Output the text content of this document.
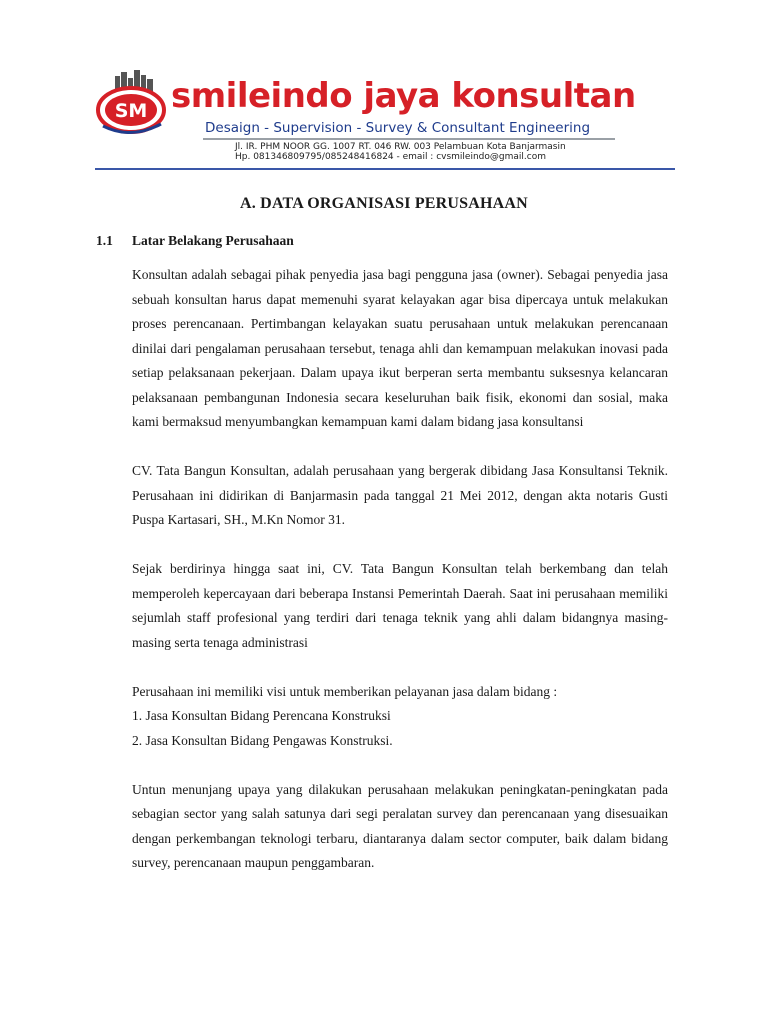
SM smileindo jaya konsultan
Desaign - Supervision - Survey & Consultant Engineering
Jl. IR. PHM NOOR GG. 1007 RT. 046 RW. 003 Pelambuan Kota Banjarmasin
Hp. 081346809795/085248416824 - email : cvsmileindo@gmail.com
A. DATA ORGANISASI PERUSAHAAN
1.1 Latar Belakang Perusahaan

Konsultan adalah sebagai pihak penyedia jasa bagi pengguna jasa (owner). Sebagai penyedia jasa sebuah konsultan harus dapat memenuhi syarat kelayakan agar bisa dipercaya untuk melakukan proses perencanaan. Pertimbangan kelayakan suatu perusahaan untuk melakukan perencanaan dinilai dari pengalaman perusahaan tersebut, tenaga ahli dan kemampuan melakukan inovasi pada setiap pelaksanaan pekerjaan. Dalam upaya ikut berperan serta membantu suksesnya kelancaran pelaksanaan pembangunan Indonesia secara keseluruhan baik fisik, ekonomi dan sosial, maka kami bermaksud menyumbangkan kemampuan kami dalam bidang jasa konsultansi

CV. Tata Bangun Konsultan, adalah perusahaan yang bergerak dibidang Jasa Konsultansi Teknik. Perusahaan ini didirikan di Banjarmasin pada tanggal 21 Mei 2012, dengan akta notaris Gusti Puspa Kartasari, SH., M.Kn Nomor 31.

Sejak berdirinya hingga saat ini, CV. Tata Bangun Konsultan telah berkembang dan telah memperoleh kepercayaan dari beberapa Instansi Pemerintah Daerah. Saat ini perusahaan memiliki sejumlah staff profesional yang terdiri dari tenaga teknik yang ahli dalam bidangnya masing-masing serta tenaga administrasi

Perusahaan ini memiliki visi untuk memberikan pelayanan jasa dalam bidang :
1. Jasa Konsultan Bidang Perencana Konstruksi
2. Jasa Konsultan Bidang Pengawas Konstruksi.

Untun menunjang upaya yang dilakukan perusahaan melakukan peningkatan-peningkatan pada sebagian sector yang salah satunya dari segi peralatan survey dan perencanaan yang disesuaikan dengan perkembangan teknologi terbaru, diantaranya dalam sector computer, baik dalam bidang survey, perencanaan maupun penggambaran.
